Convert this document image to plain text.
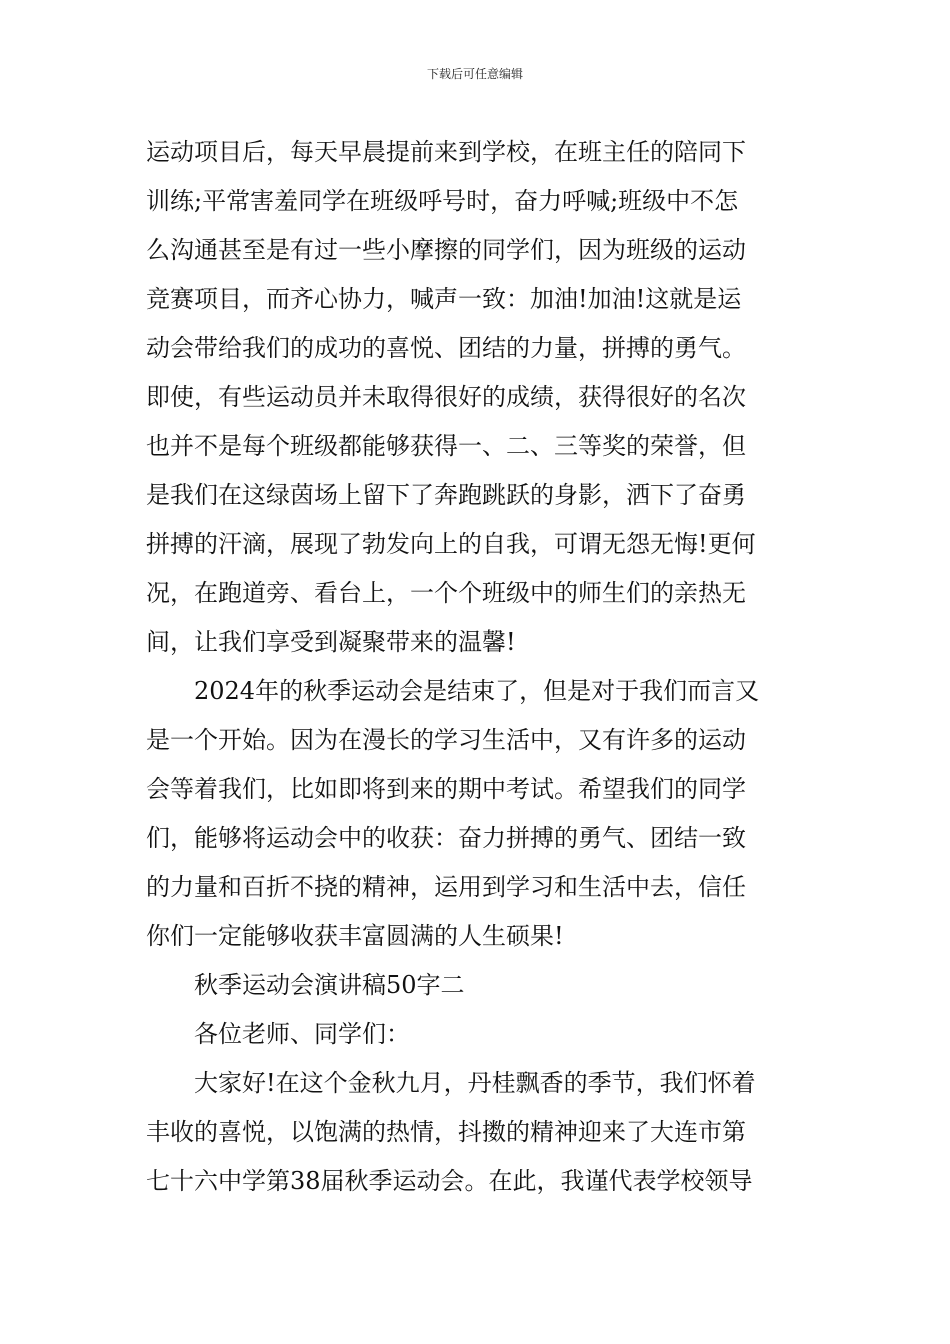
下载后可任意编辑
运动项目后，每天早晨提前来到学校，在班主任的陪同下
训练;平常害羞同学在班级呼号时，奋力呼喊;班级中不怎
么沟通甚至是有过一些小摩擦的同学们，因为班级的运动
竞赛项目，而齐心协力，喊声一致：加油!加油!这就是运
动会带给我们的成功的喜悦、团结的力量，拼搏的勇气。
即使，有些运动员并未取得很好的成绩，获得很好的名次
也并不是每个班级都能够获得一、二、三等奖的荣誉，但
是我们在这绿茵场上留下了奔跑跳跃的身影，洒下了奋勇
拼搏的汗滴，展现了勃发向上的自我，可谓无怨无悔!更何
况，在跑道旁、看台上，一个个班级中的师生们的亲热无
间，让我们享受到凝聚带来的温馨!
2024年的秋季运动会是结束了，但是对于我们而言又
是一个开始。因为在漫长的学习生活中，又有许多的运动
会等着我们，比如即将到来的期中考试。希望我们的同学
们，能够将运动会中的收获：奋力拼搏的勇气、团结一致
的力量和百折不挠的精神，运用到学习和生活中去，信任
你们一定能够收获丰富圆满的人生硕果!
秋季运动会演讲稿50字二
各位老师、同学们：
大家好!在这个金秋九月，丹桂飘香的季节，我们怀着
丰收的喜悦，以饱满的热情，抖擞的精神迎来了大连市第
七十六中学第38届秋季运动会。在此，我谨代表学校领导
